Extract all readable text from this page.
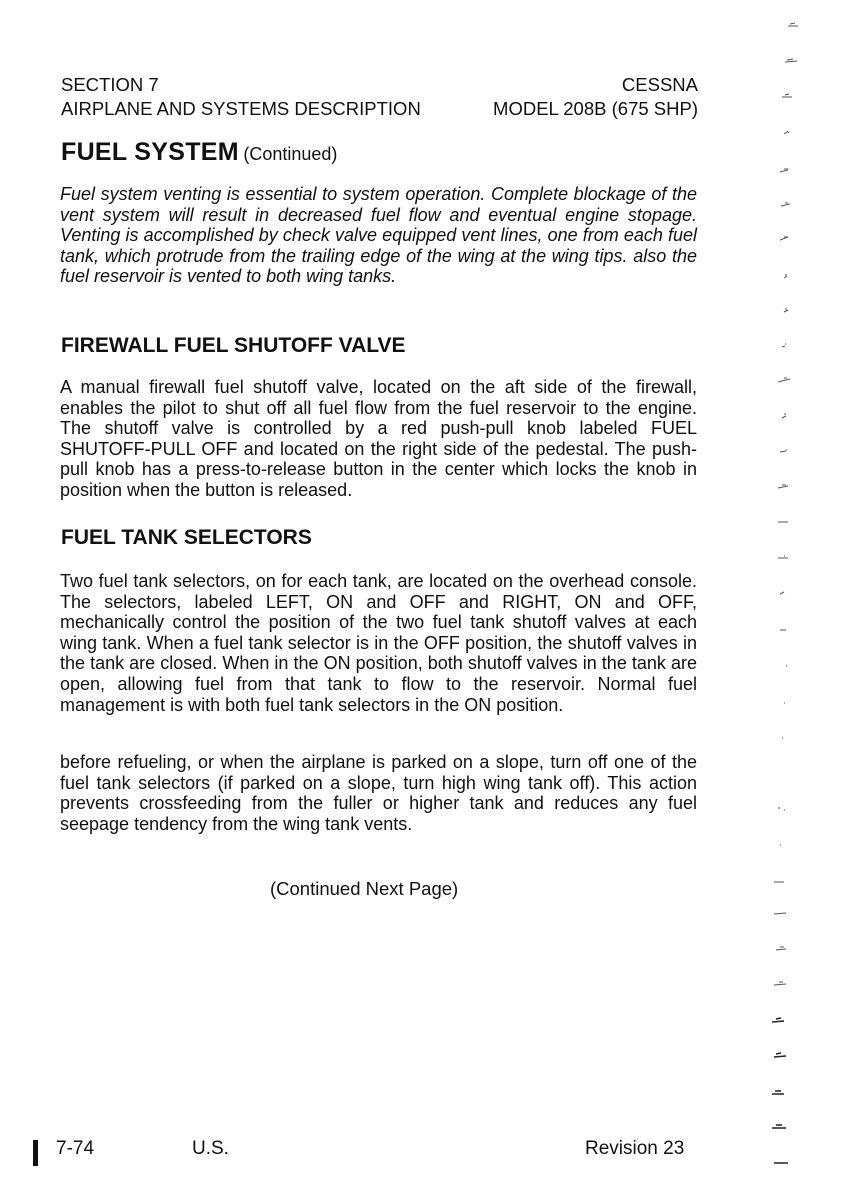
SECTION 7	CESSNA
AIRPLANE AND SYSTEMS DESCRIPTION	MODEL 208B (675 SHP)
FUEL SYSTEM (Continued)

Fuel system venting is essential to system operation. Complete blockage of the vent system will result in decreased fuel flow and eventual engine stopage. Venting is accomplished by check valve equipped vent lines, one from each fuel tank, which protrude from the trailing edge of the wing at the wing tips. also the fuel reservoir is vented to both wing tanks.

FIREWALL FUEL SHUTOFF VALVE

A manual firewall fuel shutoff valve, located on the aft side of the firewall, enables the pilot to shut off all fuel flow from the fuel reservoir to the engine. The shutoff valve is controlled by a red push-pull knob labeled FUEL SHUTOFF-PULL OFF and located on the right side of the pedestal. The push-pull knob has a press-to-release button in the center which locks the knob in position when the button is released.

FUEL TANK SELECTORS

Two fuel tank selectors, on for each tank, are located on the overhead console. The selectors, labeled LEFT, ON and OFF and RIGHT, ON and OFF, mechanically control the position of the two fuel tank shutoff valves at each wing tank. When a fuel tank selector is in the OFF position, the shutoff valves in the tank are closed. When in the ON position, both shutoff valves in the tank are open, allowing fuel from that tank to flow to the reservoir. Normal fuel management is with both fuel tank selectors in the ON position.

before refueling, or when the airplane is parked on a slope, turn off one of the fuel tank selectors (if parked on a slope, turn high wing tank off). This action prevents crossfeeding from the fuller or higher tank and reduces any fuel seepage tendency from the wing tank vents.

(Continued Next Page)
7-74	U.S.	Revision 23
